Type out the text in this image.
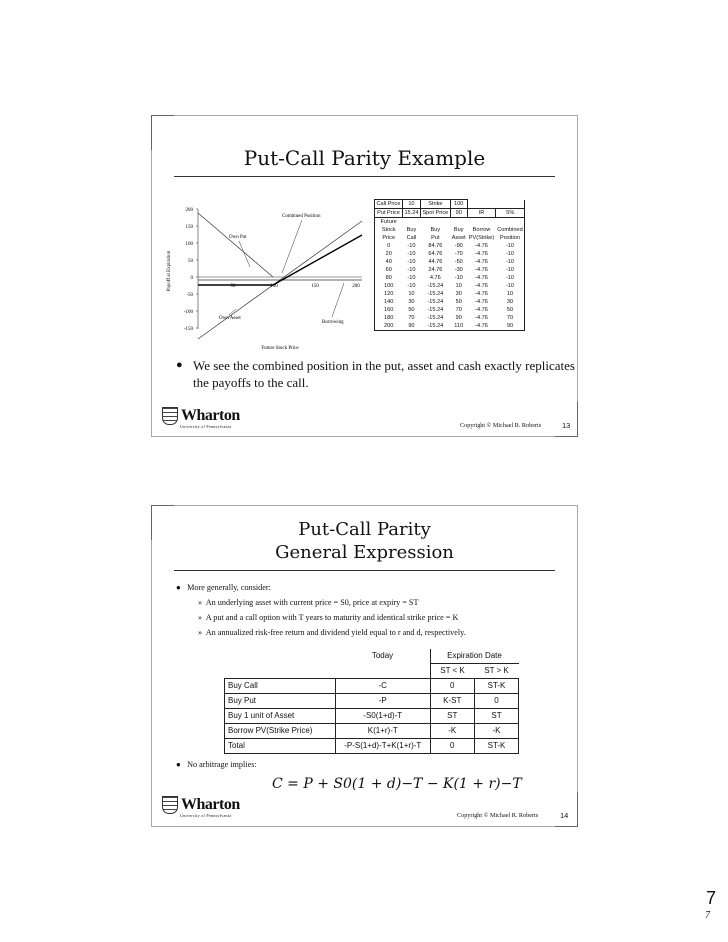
Put-Call Parity Example
Payoff at Expiration
Future Stock Price
200
150
100
50
0
-50
-100
-150
50	100	150	200
Combined Position
Own Put
Own Asset
Borrowing
Call Price	10	Strike	100		
Put Price	15.24	Spot Price	90	IR	5%
Future					
Stock	Buy	Buy	Buy	Borrow	Combined
Price	Call	Put	Asset	PV(Strike)	Position
0	-10	84.76	-90	-4.76	-10
20	-10	64.76	-70	-4.76	-10
40	-10	44.76	-50	-4.76	-10
60	-10	24.76	-30	-4.76	-10
80	-10	4.76	-10	-4.76	-10
100	-10	-15.24	10	-4.76	-10
120	10	-15.24	30	-4.76	10
140	30	-15.24	50	-4.76	30
160	50	-15.24	70	-4.76	50
180	70	-15.24	90	-4.76	70
200	90	-15.24	110	-4.76	90
● We see the combined position in the put, asset and cash exactly replicates the payoffs to the call.
Wharton
University of Pennsylvania	Copyright © Michael R. Roberts	13
Put-Call Parity
General Expression
● More generally, consider:
» An underlying asset with current price = S0, price at expiry = ST
» A put and a call option with T years to maturity and identical strike price = K
» An annualized risk-free return and dividend yield equal to r and d, respectively.
	Today	Expiration Date	
		ST < K	ST > K
Buy Call	-C	0	ST-K
Buy Put	-P	K-ST	0
Buy 1 unit of Asset	-S0(1+d)-T	ST	ST
Borrow PV(Strike Price)	K(1+r)-T	-K	-K
Total	-P-S(1+d)-T+K(1+r)-T	0	ST-K
● No arbitrage implies:
C = P + S0(1 + d)−T − K(1 + r)−T
Wharton
University of Pennsylvania	Copyright © Michael R. Roberts	14
7
7
